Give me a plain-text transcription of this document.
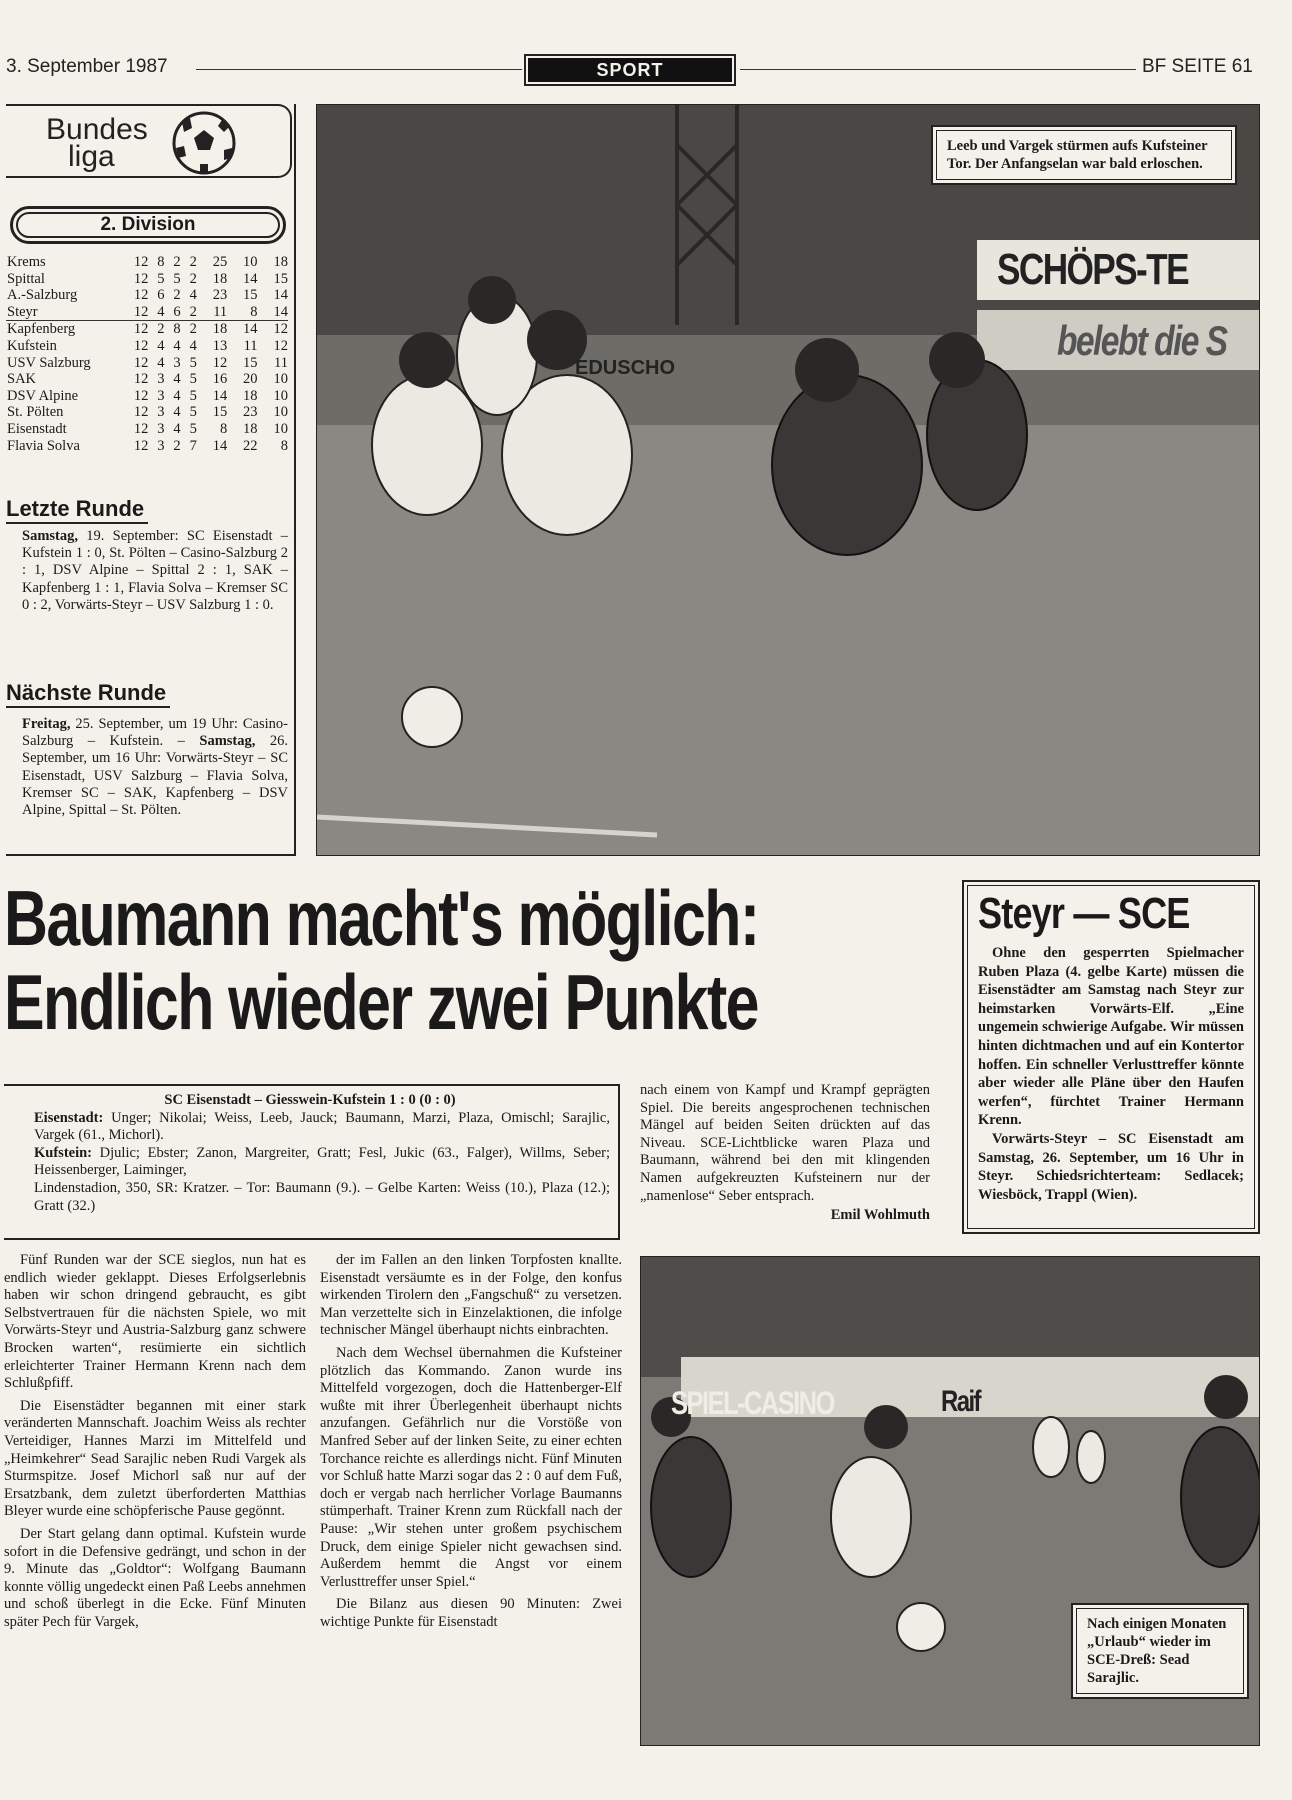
3. September 1987	SPORT	BF SEITE 61
Bundes
liga
2. Division
Krems	12	8	2	2	25	10	18
Spittal	12	5	5	2	18	14	15
A.-Salzburg	12	6	2	4	23	15	14
Steyr	12	4	6	2	11	8	14
Kapfenberg	12	2	8	2	18	14	12
Kufstein	12	4	4	4	13	11	12
USV Salzburg	12	4	3	5	12	15	11
SAK	12	3	4	5	16	20	10
DSV Alpine	12	3	4	5	14	18	10
St. Pölten	12	3	4	5	15	23	10
Eisenstadt	12	3	4	5	8	18	10
Flavia Solva	12	3	2	7	14	22	8
Letzte Runde
Samstag, 19. September: SC Eisenstadt – Kufstein 1 : 0, St. Pölten – Casino-Salzburg 2 : 1, DSV Alpine – Spittal 2 : 1, SAK – Kapfenberg 1 : 1, Flavia Solva – Kremser SC 0 : 2, Vorwärts-Steyr – USV Salzburg 1 : 0.
Nächste Runde
Freitag, 25. September, um 19 Uhr: Casino-Salzburg – Kufstein. – Samstag, 26. September, um 16 Uhr: Vorwärts-Steyr – SC Eisenstadt, USV Salzburg – Flavia Solva, Kremser SC – SAK, Kapfenberg – DSV Alpine, Spittal – St. Pölten.
SCHÖPS-TE
belebt die S
EDUSCHO
Leeb und Vargek stürmen aufs Kufsteiner Tor. Der Anfangselan war bald erloschen.
Baumann macht's möglich:
Endlich wieder zwei Punkte
Steyr — SCE
Ohne den gesperrten Spielmacher Ruben Plaza (4. gelbe Karte) müssen die Eisenstädter am Samstag nach Steyr zur heimstarken Vorwärts-Elf. „Eine ungemein schwierige Aufgabe. Wir müssen hinten dichtmachen und auf ein Kontertor hoffen. Ein schneller Verlusttreffer könnte aber wieder alle Pläne über den Haufen werfen“, fürchtet Trainer Hermann Krenn.
Vorwärts-Steyr – SC Eisenstadt am Samstag, 26. September, um 16 Uhr in Steyr. Schiedsrichterteam: Sedlacek; Wiesböck, Trappl (Wien).
SC Eisenstadt – Giesswein-Kufstein 1 : 0 (0 : 0)
Eisenstadt: Unger; Nikolai; Weiss, Leeb, Jauck; Baumann, Marzi, Plaza, Omischl; Sarajlic, Vargek (61., Michorl).
Kufstein: Djulic; Ebster; Zanon, Margreiter, Gratt; Fesl, Jukic (63., Falger), Willms, Seber; Heissenberger, Laiminger,
Lindenstadion, 350, SR: Kratzer. – Tor: Baumann (9.). – Gelbe Karten: Weiss (10.), Plaza (12.); Gratt (32.)
nach einem von Kampf und Krampf geprägten Spiel. Die bereits angesprochenen technischen Mängel auf beiden Seiten drückten auf das Niveau. SCE-Lichtblicke waren Plaza und Baumann, während bei den mit klingenden Namen aufgekreuzten Kufsteinern nur der „namenlose“ Seber entsprach.
Emil Wohlmuth

Fünf Runden war der SCE sieglos, nun hat es endlich wieder geklappt. Dieses Erfolgserlebnis haben wir schon dringend gebraucht, es gibt Selbstvertrauen für die nächsten Spiele, wo mit Vorwärts-Steyr und Austria-Salzburg ganz schwere Brocken warten“, resümierte ein sichtlich erleichterter Trainer Hermann Krenn nach dem Schlußpfiff.

Die Eisenstädter begannen mit einer stark veränderten Mannschaft. Joachim Weiss als rechter Verteidiger, Hannes Marzi im Mittelfeld und „Heimkehrer“ Sead Sarajlic neben Rudi Vargek als Sturmspitze. Josef Michorl saß nur auf der Ersatzbank, dem zuletzt überforderten Matthias Bleyer wurde eine schöpferische Pause gegönnt.

Der Start gelang dann optimal. Kufstein wurde sofort in die Defensive gedrängt, und schon in der 9. Minute das „Goldtor“: Wolfgang Baumann konnte völlig ungedeckt einen Paß Leebs annehmen und schoß überlegt in die Ecke. Fünf Minuten später Pech für Vargek,

der im Fallen an den linken Torpfosten knallte. Eisenstadt versäumte es in der Folge, den konfus wirkenden Tirolern den „Fangschuß“ zu versetzen. Man verzettelte sich in Einzelaktionen, die infolge technischer Mängel überhaupt nichts einbrachten.

Nach dem Wechsel übernahmen die Kufsteiner plötzlich das Kommando. Zanon wurde ins Mittelfeld vorgezogen, doch die Hattenberger-Elf wußte mit ihrer Überlegenheit überhaupt nichts anzufangen. Gefährlich nur die Vorstöße von Manfred Seber auf der linken Seite, zu einer echten Torchance reichte es allerdings nicht. Fünf Minuten vor Schluß hatte Marzi sogar das 2 : 0 auf dem Fuß, doch er vergab nach herrlicher Vorlage Baumanns stümperhaft. Trainer Krenn zum Rückfall nach der Pause: „Wir stehen unter großem psychischem Druck, dem einige Spieler nicht gewachsen sind. Außerdem hemmt die Angst vor einem Verlusttreffer unser Spiel.“

Die Bilanz aus diesen 90 Minuten: Zwei wichtige Punkte für Eisenstadt

SPIEL-CASINO	Raif
Nach einigen Monaten „Urlaub“ wieder im SCE-Dreß: Sead Sarajlic.
